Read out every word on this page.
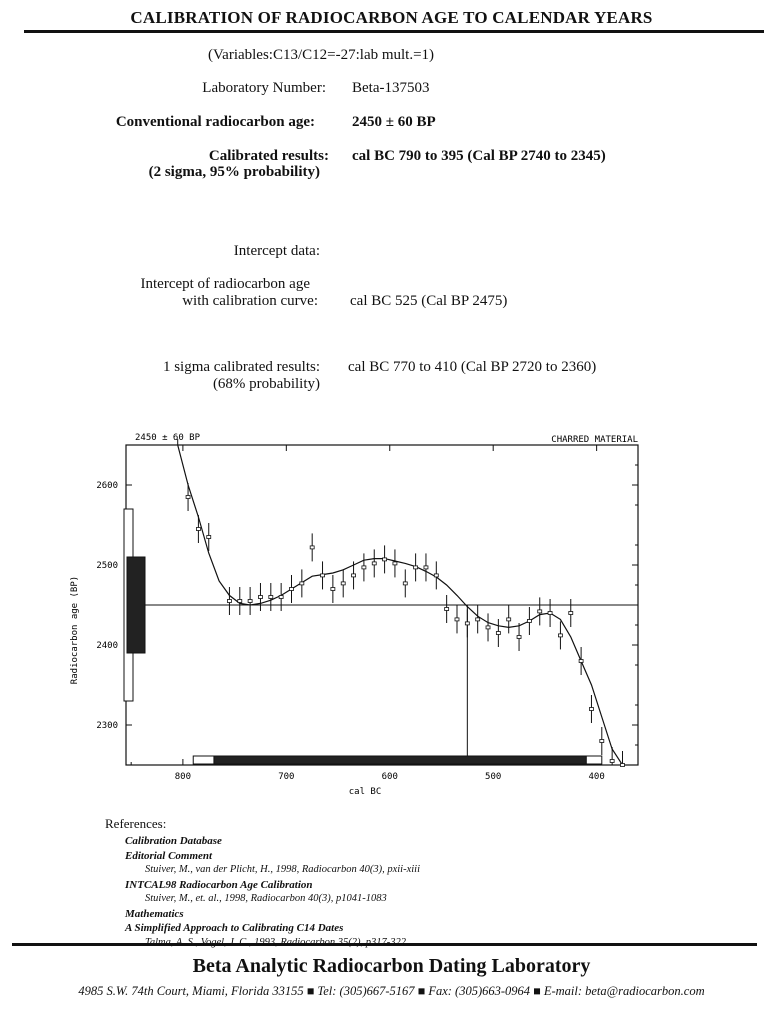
CALIBRATION OF RADIOCARBON AGE TO CALENDAR YEARS
(Variables:C13/C12=-27:lab mult.=1)
Laboratory Number: Beta-137503
Conventional radiocarbon age: 2450 ± 60 BP
Calibrated results:
(2 sigma, 95% probability)
cal BC 790 to 395 (Cal BP 2740 to 2345)
Intercept data:
Intercept of radiocarbon age
with calibration curve: cal BC 525 (Cal BP 2475)
1 sigma calibrated results:
(68% probability)
cal BC 770 to 410 (Cal BP 2720 to 2360)
2450 ± 60 BP	CHARRED MATERIAL
cal BC
Radiocarbon age (BP)
800	700	600	500	400
2600
2500
2400
2300
References:
Calibration Database
Editorial Comment
Stuiver, M., van der Plicht, H., 1998, Radiocarbon 40(3), pxii-xiii
INTCAL98 Radiocarbon Age Calibration
Stuiver, M., et. al., 1998, Radiocarbon 40(3), p1041-1083
Mathematics
A Simplified Approach to Calibrating C14 Dates
Talma, A. S., Vogel, J. C., 1993, Radiocarbon 35(2), p317-322
Beta Analytic Radiocarbon Dating Laboratory
4985 S.W. 74th Court, Miami, Florida 33155 ■ Tel: (305)667-5167 ■ Fax: (305)663-0964 ■ E-mail: beta@radiocarbon.com
